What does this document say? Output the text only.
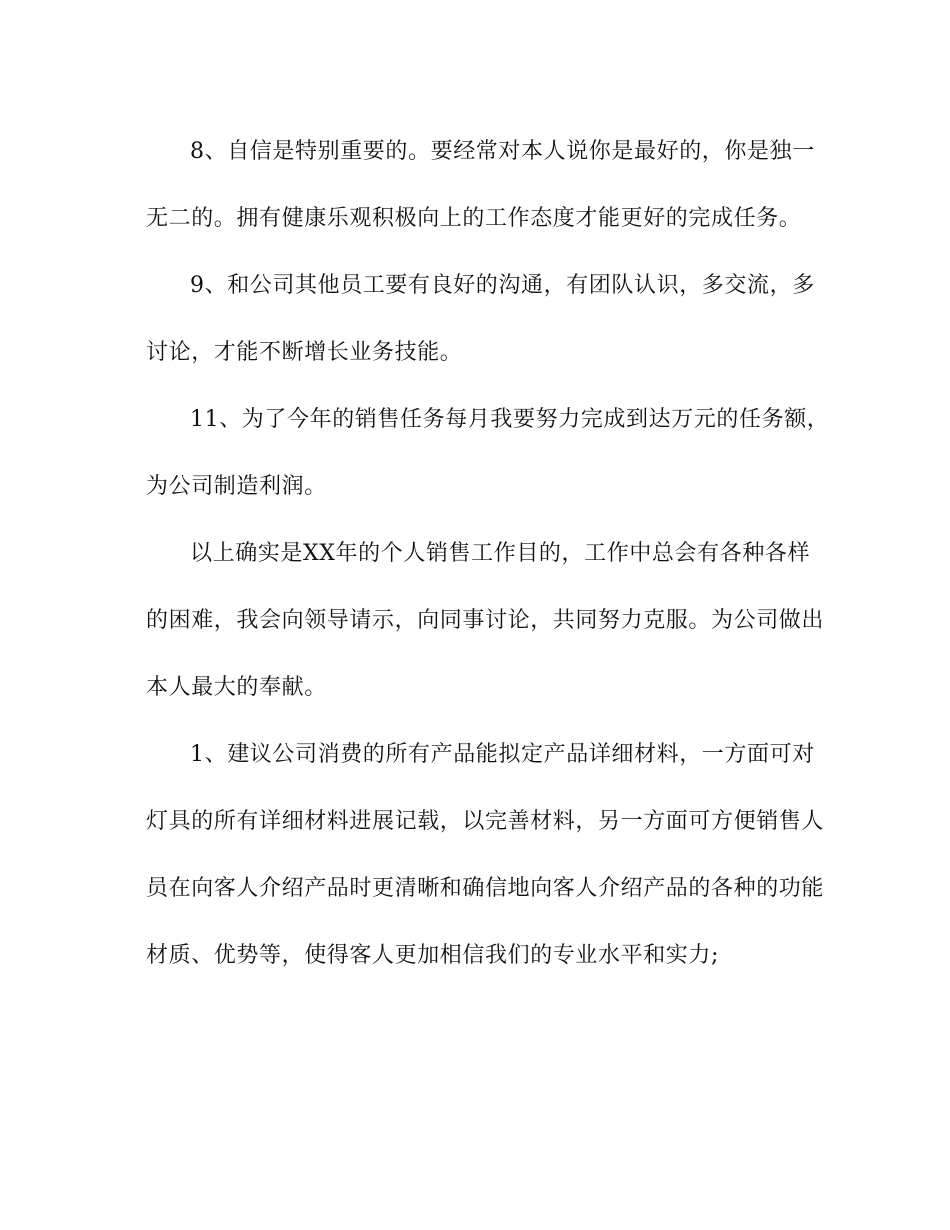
8、自信是特别重要的。要经常对本人说你是最好的，你是独一
无二的。拥有健康乐观积极向上的工作态度才能更好的完成任务。

9、和公司其他员工要有良好的沟通，有团队认识，多交流，多
讨论，才能不断增长业务技能。

11、为了今年的销售任务每月我要努力完成到达万元的任务额，
为公司制造利润。

以上确实是XX年的个人销售工作目的，工作中总会有各种各样
的困难，我会向领导请示，向同事讨论，共同努力克服。为公司做出
本人最大的奉献。

1、建议公司消费的所有产品能拟定产品详细材料，一方面可对
灯具的所有详细材料进展记载，以完善材料，另一方面可方便销售人
员在向客人介绍产品时更清晰和确信地向客人介绍产品的各种的功能
材质、优势等，使得客人更加相信我们的专业水平和实力;
